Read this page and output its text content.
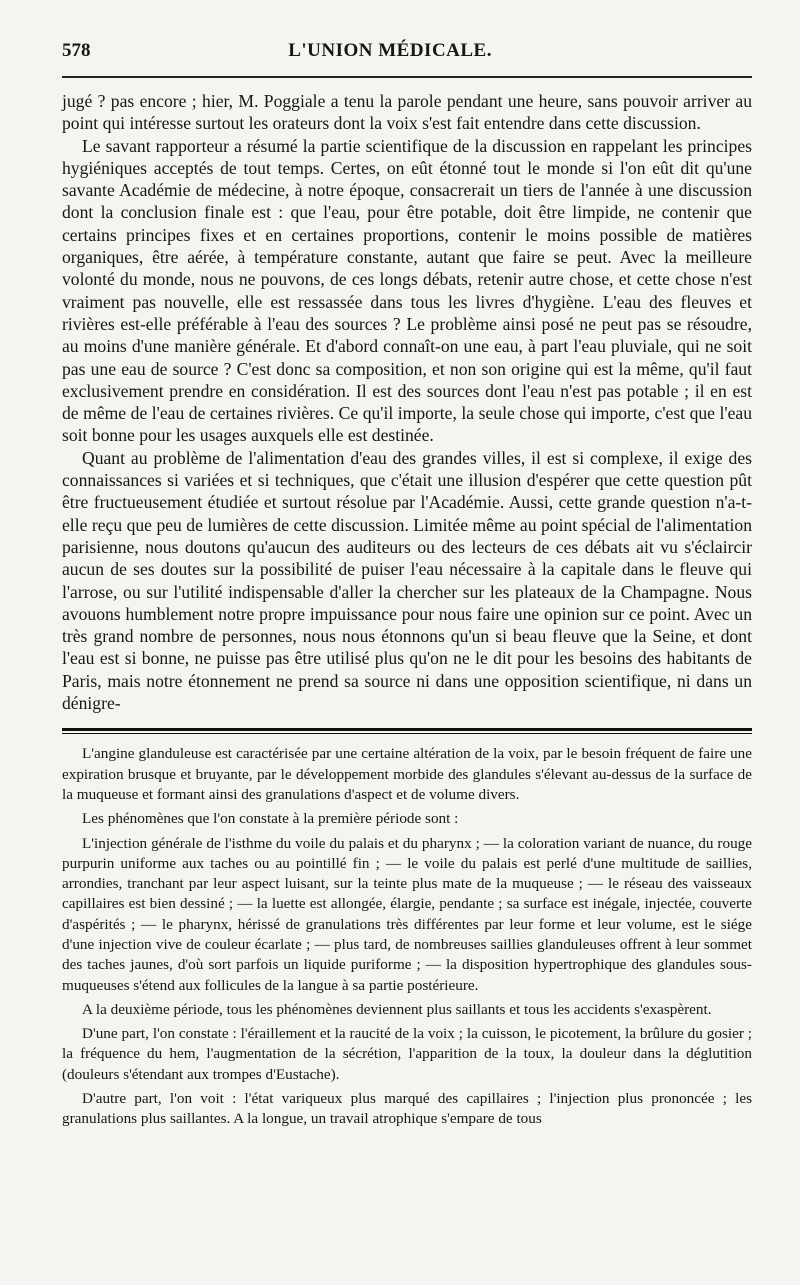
578	L'UNION MÉDICALE.

jugé ? pas encore ; hier, M. Poggiale a tenu la parole pendant une heure, sans pouvoir arriver au point qui intéresse surtout les orateurs dont la voix s'est fait entendre dans cette discussion.

Le savant rapporteur a résumé la partie scientifique de la discussion en rappelant les principes hygiéniques acceptés de tout temps. Certes, on eût étonné tout le monde si l'on eût dit qu'une savante Académie de médecine, à notre époque, consacrerait un tiers de l'année à une discussion dont la conclusion finale est : que l'eau, pour être potable, doit être limpide, ne contenir que certains principes fixes et en certaines proportions, contenir le moins possible de matières organiques, être aérée, à température constante, autant que faire se peut. Avec la meilleure volonté du monde, nous ne pouvons, de ces longs débats, retenir autre chose, et cette chose n'est vraiment pas nouvelle, elle est ressassée dans tous les livres d'hygiène. L'eau des fleuves et rivières est-elle préférable à l'eau des sources ? Le problème ainsi posé ne peut pas se résoudre, au moins d'une manière générale. Et d'abord connaît-on une eau, à part l'eau pluviale, qui ne soit pas une eau de source ? C'est donc sa composition, et non son origine qui est la même, qu'il faut exclusivement prendre en considération. Il est des sources dont l'eau n'est pas potable ; il en est de même de l'eau de certaines rivières. Ce qu'il importe, la seule chose qui importe, c'est que l'eau soit bonne pour les usages auxquels elle est destinée.

Quant au problème de l'alimentation d'eau des grandes villes, il est si complexe, il exige des connaissances si variées et si techniques, que c'était une illusion d'espérer que cette question pût être fructueusement étudiée et surtout résolue par l'Académie. Aussi, cette grande question n'a-t-elle reçu que peu de lumières de cette discussion. Limitée même au point spécial de l'alimentation parisienne, nous doutons qu'aucun des auditeurs ou des lecteurs de ces débats ait vu s'éclaircir aucun de ses doutes sur la possibilité de puiser l'eau nécessaire à la capitale dans le fleuve qui l'arrose, ou sur l'utilité indispensable d'aller la chercher sur les plateaux de la Champagne. Nous avouons humblement notre propre impuissance pour nous faire une opinion sur ce point. Avec un très grand nombre de personnes, nous nous étonnons qu'un si beau fleuve que la Seine, et dont l'eau est si bonne, ne puisse pas être utilisé plus qu'on ne le dit pour les besoins des habitants de Paris, mais notre étonnement ne prend sa source ni dans une opposition scientifique, ni dans un dénigre-

L'angine glanduleuse est caractérisée par une certaine altération de la voix, par le besoin fréquent de faire une expiration brusque et bruyante, par le développement morbide des glandules s'élevant au-dessus de la surface de la muqueuse et formant ainsi des granulations d'aspect et de volume divers.

Les phénomènes que l'on constate à la première période sont :

L'injection générale de l'isthme du voile du palais et du pharynx ; — la coloration variant de nuance, du rouge purpurin uniforme aux taches ou au pointillé fin ; — le voile du palais est perlé d'une multitude de saillies, arrondies, tranchant par leur aspect luisant, sur la teinte plus mate de la muqueuse ; — le réseau des vaisseaux capillaires est bien dessiné ; — la luette est allongée, élargie, pendante ; sa surface est inégale, injectée, couverte d'aspérités ; — le pharynx, hérissé de granulations très différentes par leur forme et leur volume, est le siége d'une injection vive de couleur écarlate ; — plus tard, de nombreuses saillies glanduleuses offrent à leur sommet des taches jaunes, d'où sort parfois un liquide puriforme ; — la disposition hypertrophique des glandules sous-muqueuses s'étend aux follicules de la langue à sa partie postérieure.

A la deuxième période, tous les phénomènes deviennent plus saillants et tous les accidents s'exaspèrent.

D'une part, l'on constate : l'éraillement et la raucité de la voix ; la cuisson, le picotement, la brûlure du gosier ; la fréquence du hem, l'augmentation de la sécrétion, l'apparition de la toux, la douleur dans la déglutition (douleurs s'étendant aux trompes d'Eustache).

D'autre part, l'on voit : l'état variqueux plus marqué des capillaires ; l'injection plus prononcée ; les granulations plus saillantes. A la longue, un travail atrophique s'empare de tous
